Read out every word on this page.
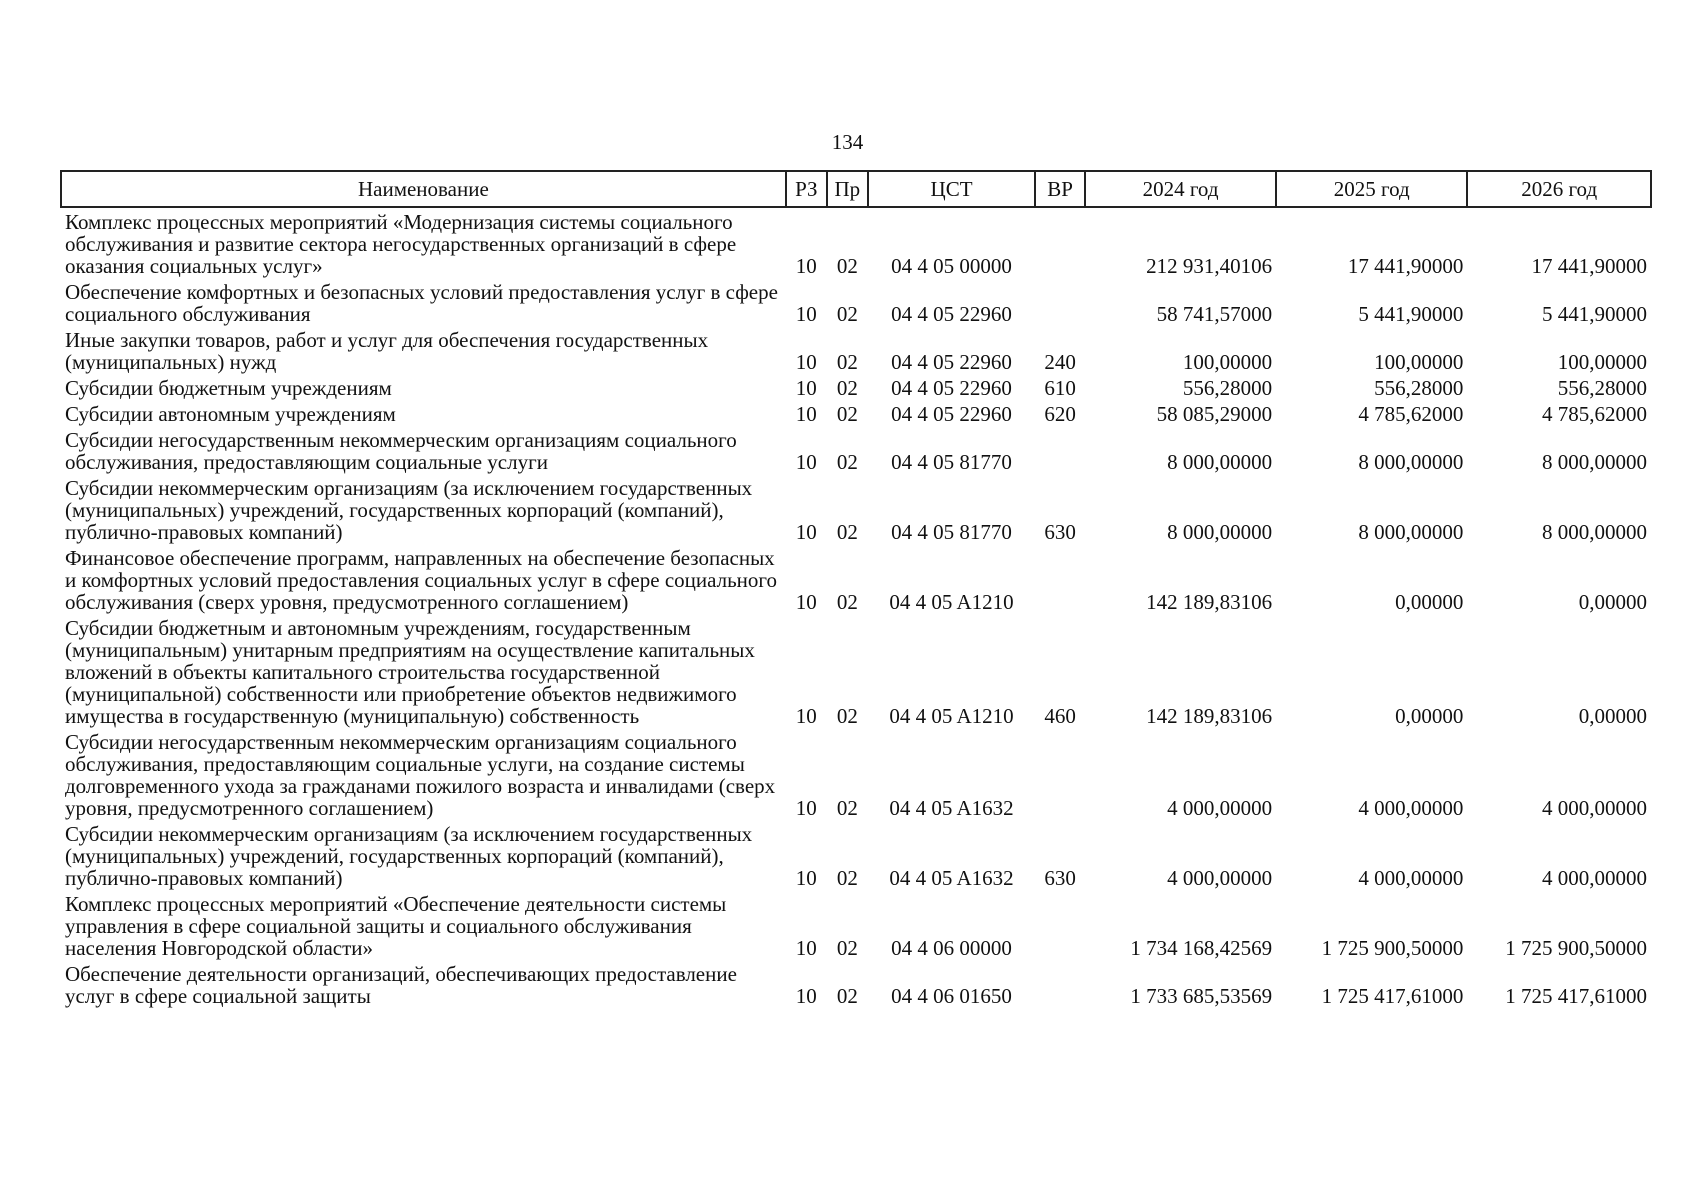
134
Наименование	РЗ	Пр	ЦСТ	ВР	2024 год	2025 год	2026 год
Комплекс процессных мероприятий «Модернизация системы социального обслуживания и развитие сектора негосударственных организаций в сфере оказания социальных услуг»	10	02	04 4 05 00000		212 931,40106	17 441,90000	17 441,90000
Обеспечение комфортных и безопасных условий предоставления услуг в сфере социального обслуживания	10	02	04 4 05 22960		58 741,57000	5 441,90000	5 441,90000
Иные закупки товаров, работ и услуг для обеспечения государственных (муниципальных) нужд	10	02	04 4 05 22960	240	100,00000	100,00000	100,00000
Субсидии бюджетным учреждениям	10	02	04 4 05 22960	610	556,28000	556,28000	556,28000
Субсидии автономным учреждениям	10	02	04 4 05 22960	620	58 085,29000	4 785,62000	4 785,62000
Субсидии негосударственным некоммерческим организациям социального обслуживания, предоставляющим социальные услуги	10	02	04 4 05 81770		8 000,00000	8 000,00000	8 000,00000
Субсидии некоммерческим организациям (за исключением государственных (муниципальных) учреждений, государственных корпораций (компаний), публично-правовых компаний)	10	02	04 4 05 81770	630	8 000,00000	8 000,00000	8 000,00000
Финансовое обеспечение программ, направленных на обеспечение безопасных и комфортных условий предоставления социальных услуг в сфере социального обслуживания (сверх уровня, предусмотренного соглашением)	10	02	04 4 05 A1210		142 189,83106	0,00000	0,00000
Субсидии бюджетным и автономным учреждениям, государственным (муниципальным) унитарным предприятиям на осуществление капитальных вложений в объекты капитального строительства государственной (муниципальной) собственности или приобретение объектов недвижимого имущества в государственную (муниципальную) собственность	10	02	04 4 05 A1210	460	142 189,83106	0,00000	0,00000
Субсидии негосударственным некоммерческим организациям социального обслуживания, предоставляющим социальные услуги, на создание системы долговременного ухода за гражданами пожилого возраста и инвалидами (сверх уровня, предусмотренного соглашением)	10	02	04 4 05 A1632		4 000,00000	4 000,00000	4 000,00000
Субсидии некоммерческим организациям (за исключением государственных (муниципальных) учреждений, государственных корпораций (компаний), публично-правовых компаний)	10	02	04 4 05 A1632	630	4 000,00000	4 000,00000	4 000,00000
Комплекс процессных мероприятий «Обеспечение деятельности системы управления в сфере социальной защиты и социального обслуживания населения Новгородской области»	10	02	04 4 06 00000		1 734 168,42569	1 725 900,50000	1 725 900,50000
Обеспечение деятельности организаций, обеспечивающих предоставление услуг в сфере социальной защиты	10	02	04 4 06 01650		1 733 685,53569	1 725 417,61000	1 725 417,61000
